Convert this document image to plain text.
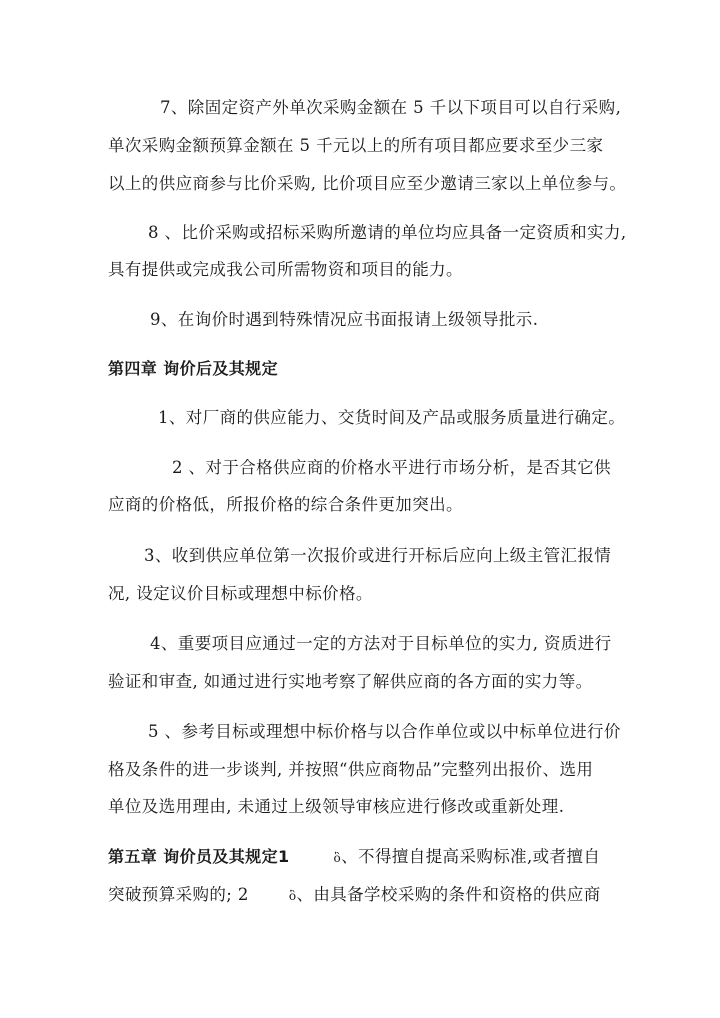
7、除固定资产外单次采购金额在 5 千以下项目可以自行采购,
单次采购金额预算金额在 5 千元以上的所有项目都应要求至少三家
以上的供应商参与比价采购, 比价项目应至少邀请三家以上单位参与。
8 、比价采购或招标采购所邀请的单位均应具备一定资质和实力,
具有提供或完成我公司所需物资和项目的能力。
9、在询价时遇到特殊情况应书面报请上级领导批示.
第四章 询价后及其规定
1、对厂商的供应能力、交货时间及产品或服务质量进行确定。
2 、对于合格供应商的价格水平进行市场分析，是否其它供
应商的价格低，所报价格的综合条件更加突出。
3、收到供应单位第一次报价或进行开标后应向上级主管汇报情
况, 设定议价目标或理想中标价格。
4、重要项目应通过一定的方法对于目标单位的实力, 资质进行
验证和审查, 如通过进行实地考察了解供应商的各方面的实力等。
5 、参考目标或理想中标价格与以合作单位或以中标单位进行价
格及条件的进一步谈判, 并按照“供应商物品”完整列出报价、选用
单位及选用理由, 未通过上级领导审核应进行修改或重新处理.
第五章 询价员及其规定1	ὃ、不得擅自提高采购标准,或者擅自
突破预算采购的; 2	ὃ、由具备学校采购的条件和资格的供应商
